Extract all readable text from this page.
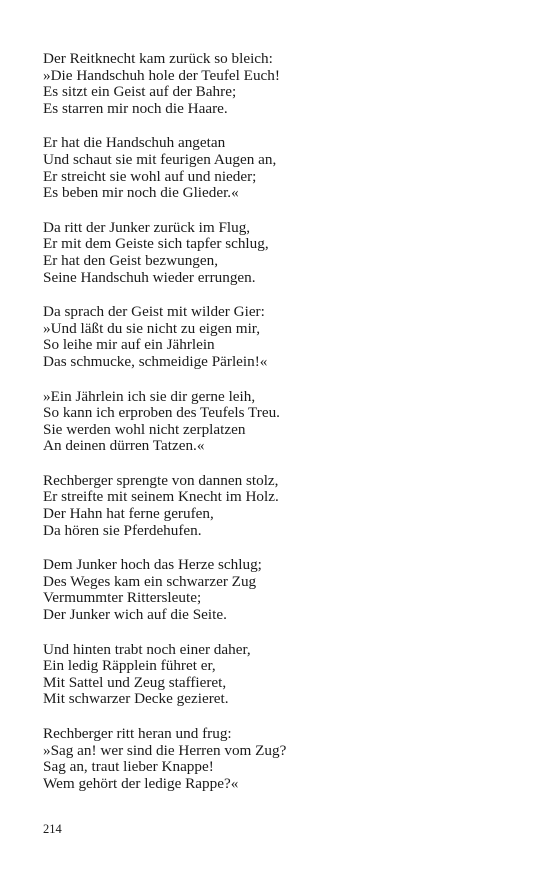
Der Reitknecht kam zurück so bleich:
»Die Handschuh hole der Teufel Euch!
Es sitzt ein Geist auf der Bahre;
Es starren mir noch die Haare.
Er hat die Handschuh angetan
Und schaut sie mit feurigen Augen an,
Er streicht sie wohl auf und nieder;
Es beben mir noch die Glieder.«
Da ritt der Junker zurück im Flug,
Er mit dem Geiste sich tapfer schlug,
Er hat den Geist bezwungen,
Seine Handschuh wieder errungen.
Da sprach der Geist mit wilder Gier:
»Und läßt du sie nicht zu eigen mir,
So leihe mir auf ein Jährlein
Das schmucke, schmeidige Pärlein!«
»Ein Jährlein ich sie dir gerne leih,
So kann ich erproben des Teufels Treu.
Sie werden wohl nicht zerplatzen
An deinen dürren Tatzen.«
Rechberger sprengte von dannen stolz,
Er streifte mit seinem Knecht im Holz.
Der Hahn hat ferne gerufen,
Da hören sie Pferdehufen.
Dem Junker hoch das Herze schlug;
Des Weges kam ein schwarzer Zug
Vermummter Rittersleute;
Der Junker wich auf die Seite.
Und hinten trabt noch einer daher,
Ein ledig Räpplein führet er,
Mit Sattel und Zeug staffieret,
Mit schwarzer Decke gezieret.
Rechberger ritt heran und frug:
»Sag an! wer sind die Herren vom Zug?
Sag an, traut lieber Knappe!
Wem gehört der ledige Rappe?«
214
